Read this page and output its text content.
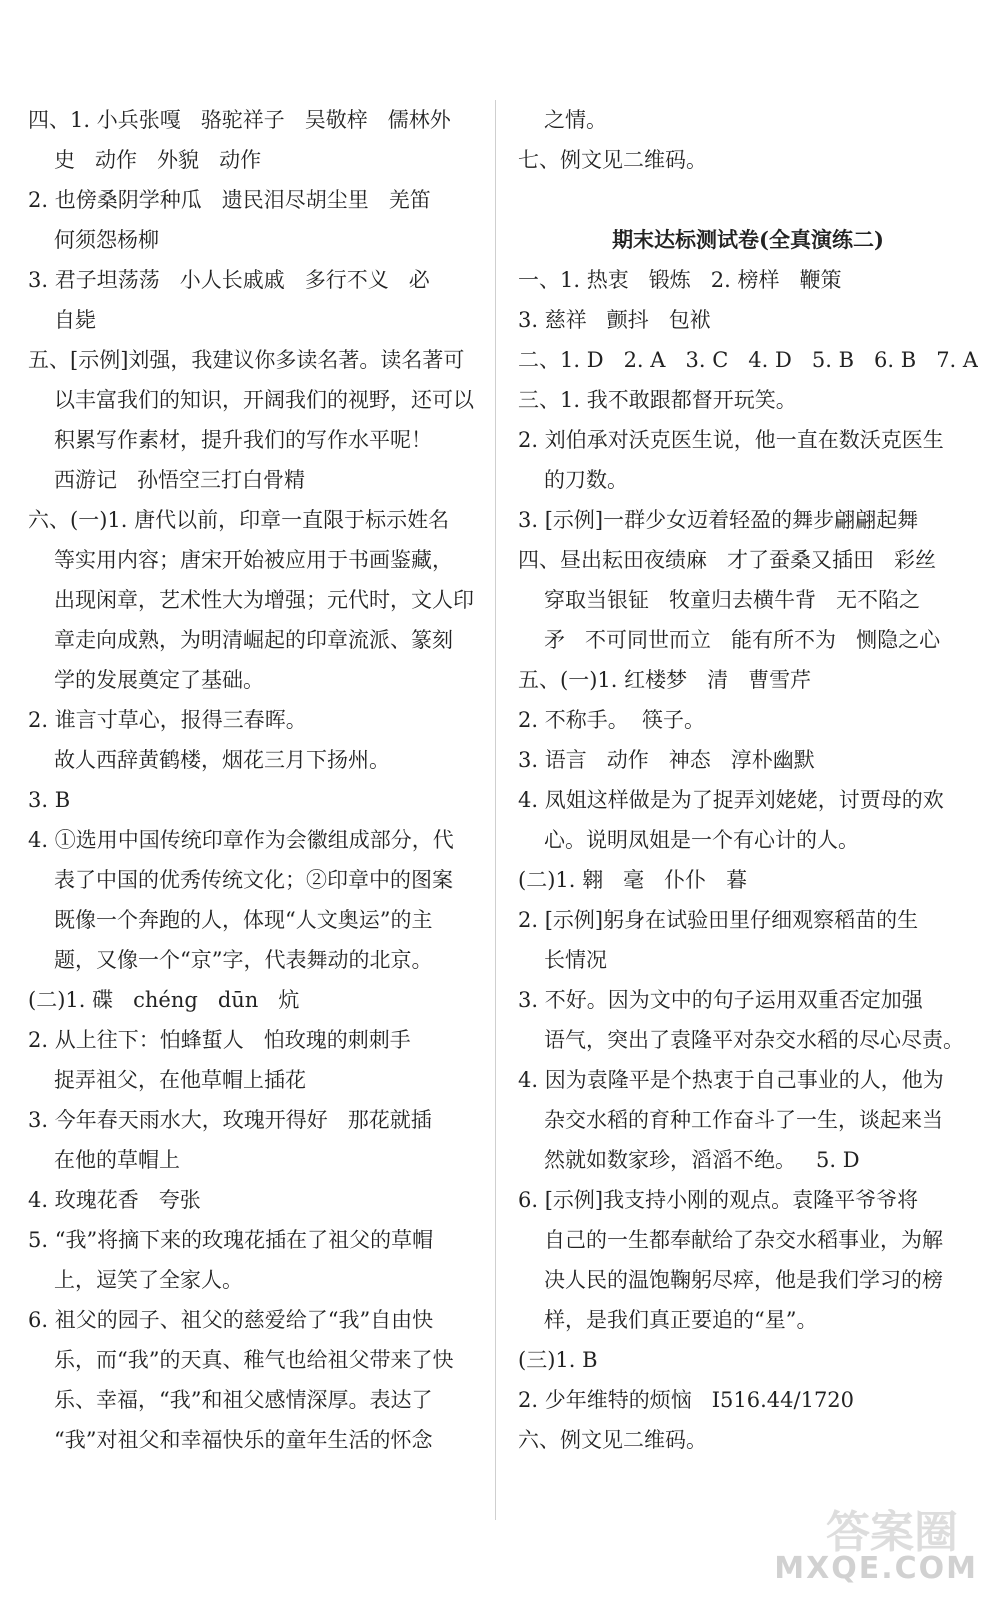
四、1. 小兵张嘎   骆驼祥子   吴敬梓   儒林外
史   动作   外貌   动作
2. 也傍桑阴学种瓜   遗民泪尽胡尘里   羌笛
何须怨杨柳
3. 君子坦荡荡   小人长戚戚   多行不义   必
自毙
五、[示例]刘强，我建议你多读名著。读名著可
以丰富我们的知识，开阔我们的视野，还可以
积累写作素材，提升我们的写作水平呢！
西游记   孙悟空三打白骨精
六、(一)1. 唐代以前，印章一直限于标示姓名
等实用内容；唐宋开始被应用于书画鉴藏，
出现闲章，艺术性大为增强；元代时，文人印
章走向成熟，为明清崛起的印章流派、篆刻
学的发展奠定了基础。
2. 谁言寸草心，报得三春晖。
故人西辞黄鹤楼，烟花三月下扬州。
3. B
4. ①选用中国传统印章作为会徽组成部分，代
表了中国的优秀传统文化；②印章中的图案
既像一个奔跑的人，体现“人文奥运”的主
题，又像一个“京”字，代表舞动的北京。
(二)1. 碟   chéng   dūn   炕
2. 从上往下：怕蜂蜇人   怕玫瑰的刺刺手
捉弄祖父，在他草帽上插花
3. 今年春天雨水大，玫瑰开得好   那花就插
在他的草帽上
4. 玫瑰花香   夸张
5. “我”将摘下来的玫瑰花插在了祖父的草帽
上，逗笑了全家人。
6. 祖父的园子、祖父的慈爱给了“我”自由快
乐，而“我”的天真、稚气也给祖父带来了快
乐、幸福，“我”和祖父感情深厚。表达了
“我”对祖父和幸福快乐的童年生活的怀念
之情。
七、例文见二维码。
期末达标测试卷(全真演练二)
一、1. 热衷   锻炼   2. 榜样   鞭策
3. 慈祥   颤抖   包袱
二、1. D   2. A   3. C   4. D   5. B   6. B   7. A
三、1. 我不敢跟都督开玩笑。
2. 刘伯承对沃克医生说，他一直在数沃克医生
的刀数。
3. [示例]一群少女迈着轻盈的舞步翩翩起舞
四、昼出耘田夜绩麻   才了蚕桑又插田   彩丝
穿取当银钲   牧童归去横牛背   无不陷之
矛   不可同世而立   能有所不为   恻隐之心
五、(一)1. 红楼梦   清   曹雪芹
2. 不称手。  筷子。
3. 语言   动作   神态   淳朴幽默
4. 凤姐这样做是为了捉弄刘姥姥，讨贾母的欢
心。说明凤姐是一个有心计的人。
(二)1. 翱   毫   仆仆   暮
2. [示例]躬身在试验田里仔细观察稻苗的生
长情况
3. 不好。因为文中的句子运用双重否定加强
语气，突出了袁隆平对杂交水稻的尽心尽责。
4. 因为袁隆平是个热衷于自己事业的人，他为
杂交水稻的育种工作奋斗了一生，谈起来当
然就如数家珍，滔滔不绝。   5. D
6. [示例]我支持小刚的观点。袁隆平爷爷将
自己的一生都奉献给了杂交水稻事业，为解
决人民的温饱鞠躬尽瘁，他是我们学习的榜
样，是我们真正要追的“星”。
(三)1. B
2. 少年维特的烦恼   I516.44/1720
六、例文见二维码。
答案圈
MXQE.COM
